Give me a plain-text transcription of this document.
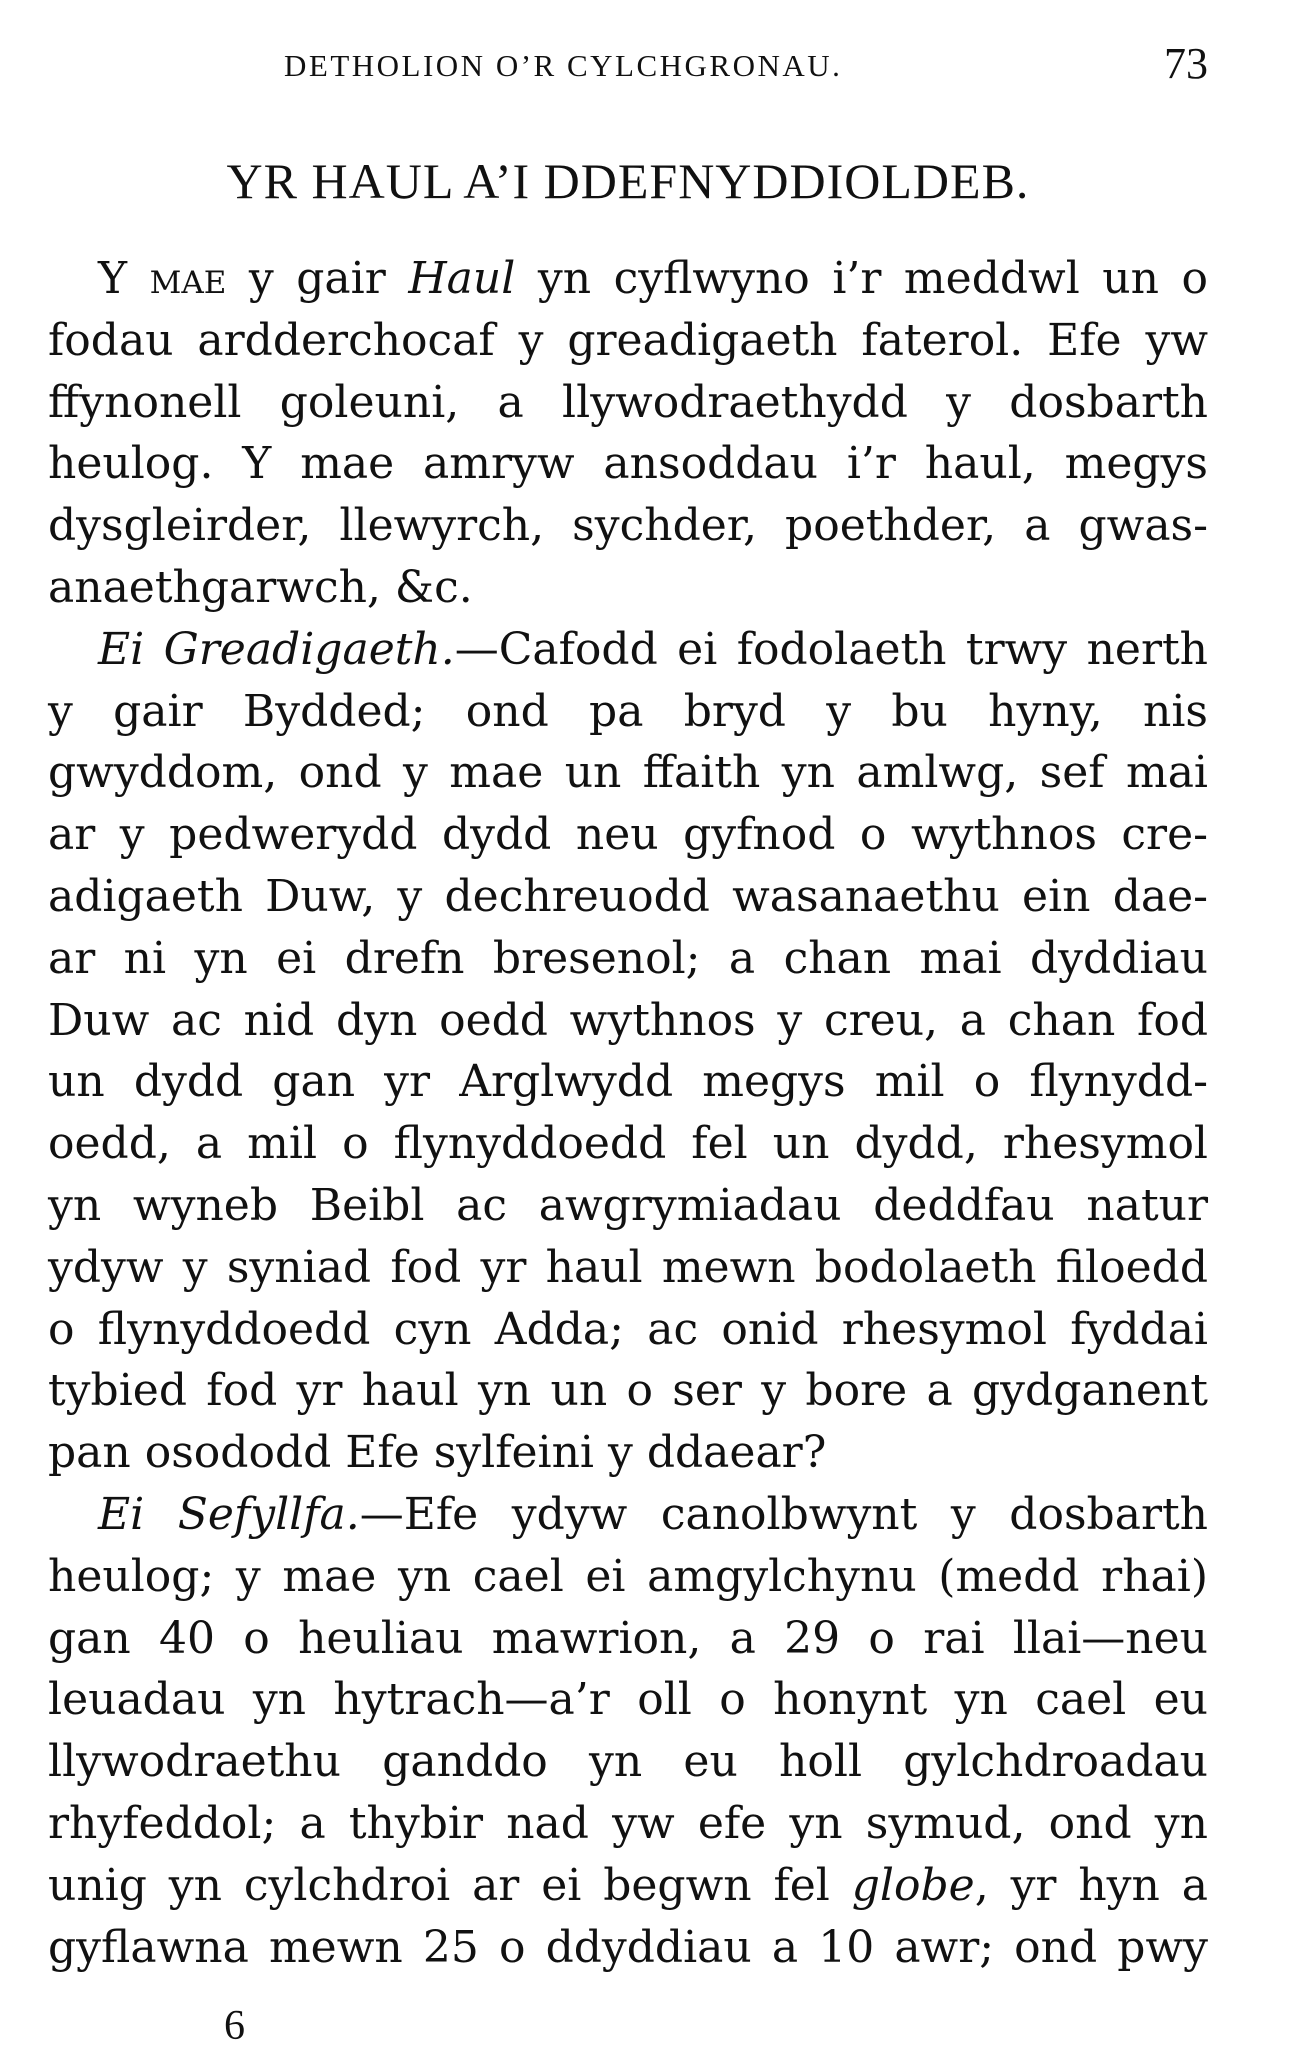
DETHOLION O’R CYLCHGRONAU.	73
YR HAUL A’I DDEFNYDDIOLDEB.
Y mae y gair Haul yn cyflwyno i’r meddwl un o
fodau ardderchocaf y greadigaeth faterol. Efe yw
ffynonell goleuni, a llywodraethydd y dosbarth
heulog. Y mae amryw ansoddau i’r haul, megys
dysgleirder, llewyrch, sychder, poethder, a gwas-
anaethgarwch, &c.
Ei Greadigaeth.—Cafodd ei fodolaeth trwy nerth
y gair Bydded; ond pa bryd y bu hyny, nis
gwyddom, ond y mae un ffaith yn amlwg, sef mai
ar y pedwerydd dydd neu gyfnod o wythnos cre-
adigaeth Duw, y dechreuodd wasanaethu ein dae-
ar ni yn ei drefn bresenol; a chan mai dyddiau
Duw ac nid dyn oedd wythnos y creu, a chan fod
un dydd gan yr Arglwydd megys mil o flynydd-
oedd, a mil o flynyddoedd fel un dydd, rhesymol
yn wyneb Beibl ac awgrymiadau deddfau natur
ydyw y syniad fod yr haul mewn bodolaeth filoedd
o flynyddoedd cyn Adda; ac onid rhesymol fyddai
tybied fod yr haul yn un o ser y bore a gydganent
pan osododd Efe sylfeini y ddaear?
Ei Sefyllfa.—Efe ydyw canolbwynt y dosbarth
heulog; y mae yn cael ei amgylchynu (medd rhai)
gan 40 o heuliau mawrion, a 29 o rai llai—neu
leuadau yn hytrach—a’r oll o honynt yn cael eu
llywodraethu ganddo yn eu holl gylchdroadau
rhyfeddol; a thybir nad yw efe yn symud, ond yn
unig yn cylchdroi ar ei begwn fel globe, yr hyn a
gyflawna mewn 25 o ddyddiau a 10 awr; ond pwy
6
